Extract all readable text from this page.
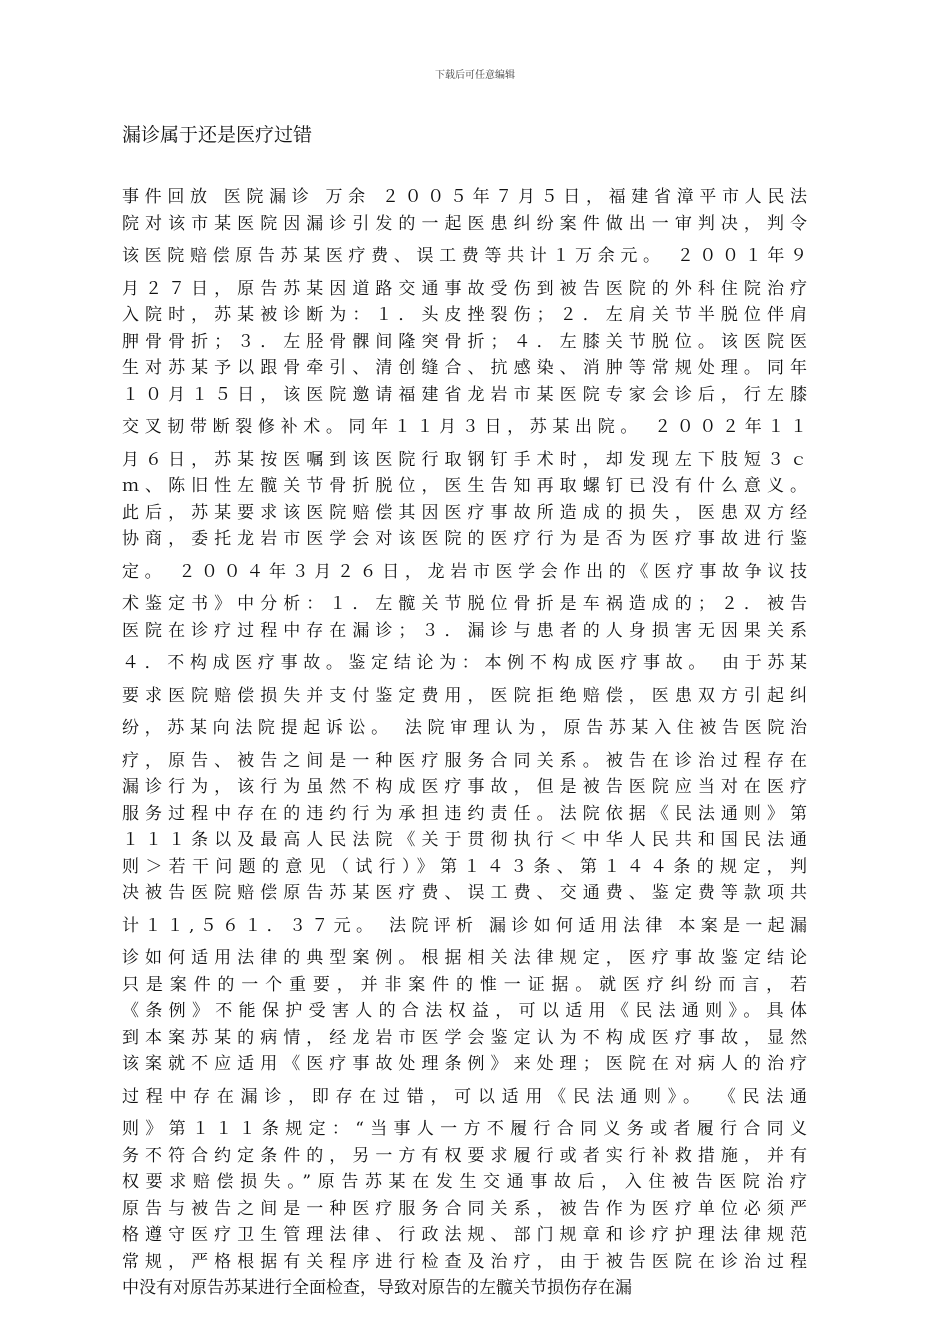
下载后可任意编辑
漏诊属于还是医疗过错
事件回放 医院漏诊 万余 ２００５年７月５日，福建省漳平市人民法
院对该市某医院因漏诊引发的一起医患纠纷案件做出一审判决，判令
该医院赔偿原告苏某医疗费、误工费等共计１万余元。 ２００１年９
月２７日，原告苏某因道路交通事故受伤到被告医院的外科住院治疗
入院时，苏某被诊断为：１．头皮挫裂伤；２．左肩关节半脱位伴肩
胛骨骨折；３．左胫骨髁间隆突骨折；４．左膝关节脱位。该医院医
生对苏某予以跟骨牵引、清创缝合、抗感染、消肿等常规处理。同年
１０月１５日，该医院邀请福建省龙岩市某医院专家会诊后，行左膝
交叉韧带断裂修补术。同年１１月３日，苏某出院。 ２００２年１１
月６日，苏某按医嘱到该医院行取钢钉手术时，却发现左下肢短３ｃ
ｍ、陈旧性左髋关节骨折脱位，医生告知再取螺钉已没有什么意义。
此后，苏某要求该医院赔偿其因医疗事故所造成的损失，医患双方经
协商，委托龙岩市医学会对该医院的医疗行为是否为医疗事故进行鉴
定。 ２００４年３月２６日，龙岩市医学会作出的《医疗事故争议技
术鉴定书》中分析：１．左髋关节脱位骨折是车祸造成的；２．被告
医院在诊疗过程中存在漏诊；３．漏诊与患者的人身损害无因果关系
４．不构成医疗事故。鉴定结论为：本例不构成医疗事故。 由于苏某
要求医院赔偿损失并支付鉴定费用，医院拒绝赔偿，医患双方引起纠
纷，苏某向法院提起诉讼。 法院审理认为，原告苏某入住被告医院治
疗，原告、被告之间是一种医疗服务合同关系。被告在诊治过程存在
漏诊行为，该行为虽然不构成医疗事故，但是被告医院应当对在医疗
服务过程中存在的违约行为承担违约责任。法院依据《民法通则》第
１１１条以及最高人民法院《关于贯彻执行＜中华人民共和国民法通
则＞若干问题的意见（试行）》第１４３条、第１４４条的规定，判
决被告医院赔偿原告苏某医疗费、误工费、交通费、鉴定费等款项共
计１１,５６１．３７元。 法院评析 漏诊如何适用法律 本案是一起漏
诊如何适用法律的典型案例。根据相关法律规定，医疗事故鉴定结论
只是案件的一个重要，并非案件的惟一证据。就医疗纠纷而言，若
《条例》不能保护受害人的合法权益，可以适用《民法通则》。具体
到本案苏某的病情，经龙岩市医学会鉴定认为不构成医疗事故，显然
该案就不应适用《医疗事故处理条例》来处理；医院在对病人的治疗
过程中存在漏诊，即存在过错，可以适用《民法通则》。 《民法通
则》第１１１条规定：“当事人一方不履行合同义务或者履行合同义
务不符合约定条件的，另一方有权要求履行或者实行补救措施，并有
权要求赔偿损失。”原告苏某在发生交通事故后，入住被告医院治疗
原告与被告之间是一种医疗服务合同关系，被告作为医疗单位必须严
格遵守医疗卫生管理法律、行政法规、部门规章和诊疗护理法律规范
常规，严格根据有关程序进行检查及治疗，由于被告医院在诊治过程
中没有对原告苏某进行全面检查，导致对原告的左髋关节损伤存在漏
